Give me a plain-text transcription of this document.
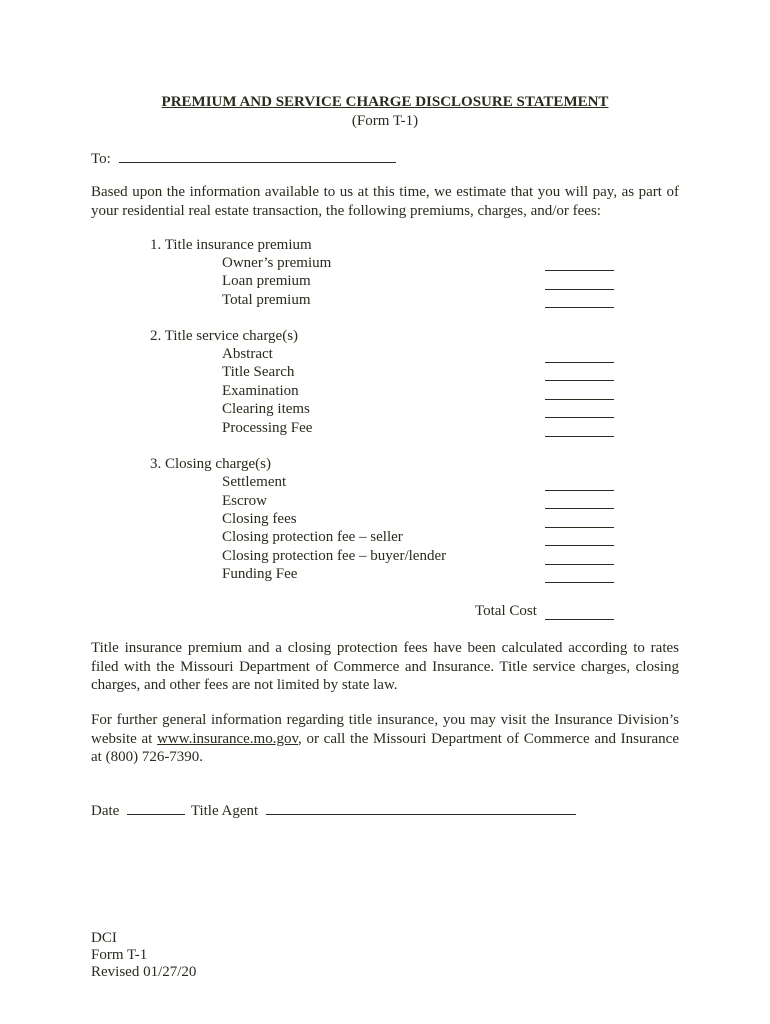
PREMIUM AND SERVICE CHARGE DISCLOSURE STATEMENT
(Form T-1)
To:
Based upon the information available to us at this time, we estimate that you will pay, as part of your residential real estate transaction, the following premiums, charges, and/or fees:
1. Title insurance premium
Owner’s premium
Loan premium
Total premium
2. Title service charge(s)
Abstract
Title Search
Examination
Clearing items
Processing Fee
3. Closing charge(s)
Settlement
Escrow
Closing fees
Closing protection fee – seller
Closing protection fee – buyer/lender
Funding Fee
Total Cost
Title insurance premium and a closing protection fees have been calculated according to rates filed with the Missouri Department of Commerce and Insurance. Title service charges, closing charges, and other fees are not limited by state law.
For further general information regarding title insurance, you may visit the Insurance Division’s website at www.insurance.mo.gov, or call the Missouri Department of Commerce and Insurance at (800) 726-7390.
Date	Title Agent
DCI
Form T-1
Revised 01/27/20
